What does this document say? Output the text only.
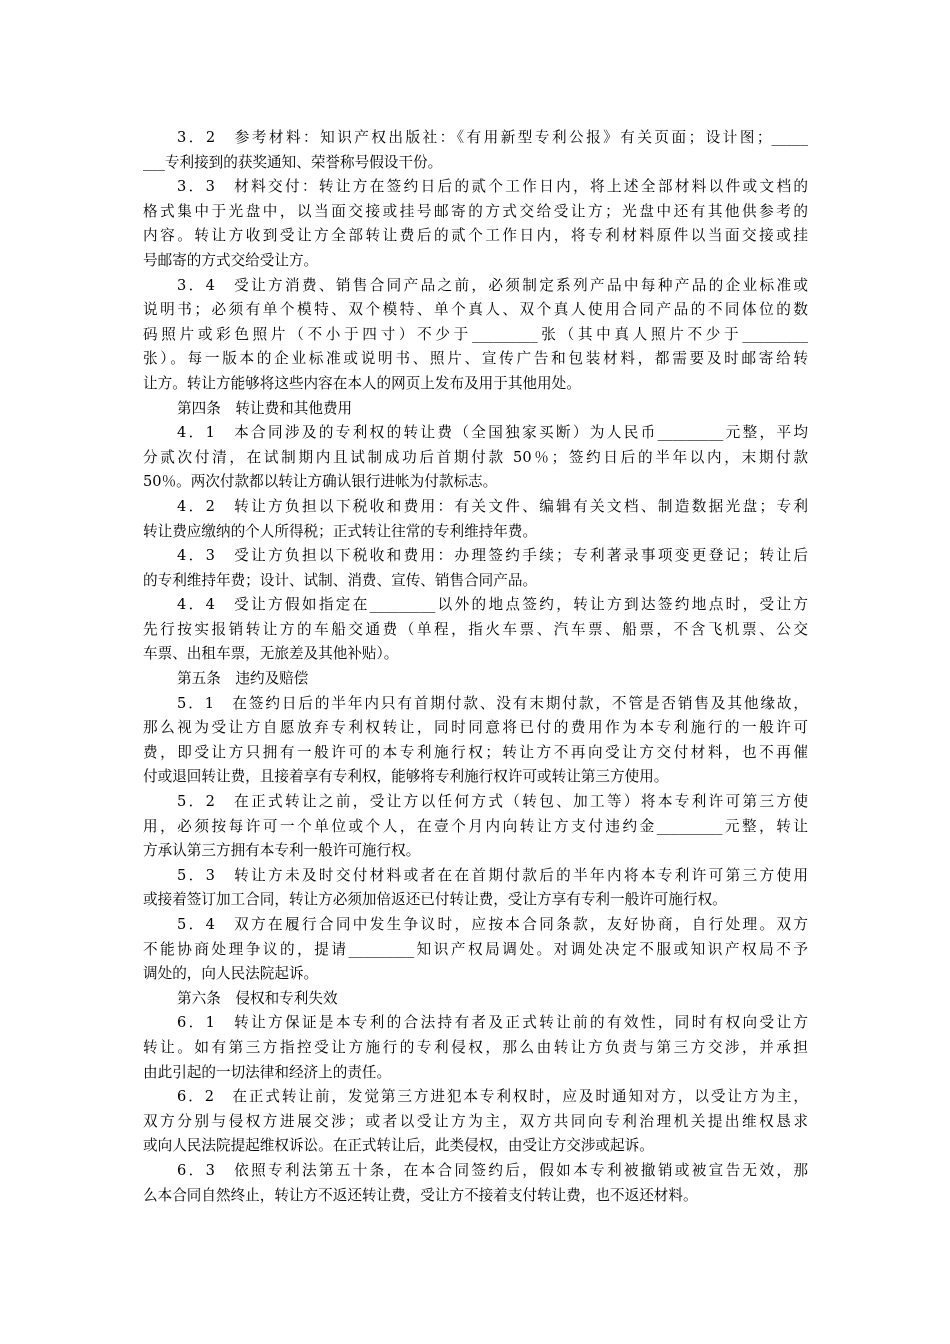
3．2　参考材料：知识产权出版社：《有用新型专利公报》有关页面；设计图；_____
___专利接到的获奖通知、荣誉称号假设干份。
3．3　材料交付：转让方在签约日后的贰个工作日内，将上述全部材料以件或文档的
格式集中于光盘中，以当面交接或挂号邮寄的方式交给受让方；光盘中还有其他供参考的
内容。转让方收到受让方全部转让费后的贰个工作日内，将专利材料原件以当面交接或挂
号邮寄的方式交给受让方。
3．4　受让方消费、销售合同产品之前，必须制定系列产品中每种产品的企业标准或
说明书；必须有单个模特、双个模特、单个真人、双个真人使用合同产品的不同体位的数
码照片或彩色照片（不小于四寸）不少于_________张（其中真人照片不少于_________
张）。每一版本的企业标准或说明书、照片、宣传广告和包装材料，都需要及时邮寄给转
让方。转让方能够将这些内容在本人的网页上发布及用于其他用处。
第四条　转让费和其他费用
4．1　本合同涉及的专利权的转让费（全国独家买断）为人民币_________元整，平均
分贰次付清，在试制期内且试制成功后首期付款 50％；签约日后的半年以内，末期付款
50％。两次付款都以转让方确认银行进帐为付款标志。
4．2　转让方负担以下税收和费用：有关文件、编辑有关文档、制造数据光盘；专利
转让费应缴纳的个人所得税；正式转让往常的专利维持年费。
4．3　受让方负担以下税收和费用：办理签约手续；专利著录事项变更登记；转让后
的专利维持年费；设计、试制、消费、宣传、销售合同产品。
4．4　受让方假如指定在_________以外的地点签约，转让方到达签约地点时，受让方
先行按实报销转让方的车船交通费（单程，指火车票、汽车票、船票，不含飞机票、公交
车票、出租车票，无旅差及其他补贴）。
第五条　违约及赔偿
5．1　在签约日后的半年内只有首期付款、没有末期付款，不管是否销售及其他缘故，
那么视为受让方自愿放弃专利权转让，同时同意将已付的费用作为本专利施行的一般许可
费，即受让方只拥有一般许可的本专利施行权；转让方不再向受让方交付材料，也不再催
付或退回转让费，且接着享有专利权，能够将专利施行权许可或转让第三方使用。
5．2　在正式转让之前，受让方以任何方式（转包、加工等）将本专利许可第三方使
用，必须按每许可一个单位或个人，在壹个月内向转让方支付违约金_________元整，转让
方承认第三方拥有本专利一般许可施行权。
5．3　转让方未及时交付材料或者在在首期付款后的半年内将本专利许可第三方使用
或接着签订加工合同，转让方必须加倍返还已付转让费，受让方享有专利一般许可施行权。
5．4　双方在履行合同中发生争议时，应按本合同条款，友好协商，自行处理。双方
不能协商处理争议的，提请_________知识产权局调处。对调处决定不服或知识产权局不予
调处的，向人民法院起诉。
第六条　侵权和专利失效
6．1　转让方保证是本专利的合法持有者及正式转让前的有效性，同时有权向受让方
转让。如有第三方指控受让方施行的专利侵权，那么由转让方负责与第三方交涉，并承担
由此引起的一切法律和经济上的责任。
6．2　在正式转让前，发觉第三方进犯本专利权时，应及时通知对方，以受让方为主，
双方分别与侵权方进展交涉；或者以受让方为主，双方共同向专利治理机关提出维权恳求
或向人民法院提起维权诉讼。在正式转让后，此类侵权，由受让方交涉或起诉。
6．3　依照专利法第五十条，在本合同签约后，假如本专利被撤销或被宣告无效，那
么本合同自然终止，转让方不返还转让费，受让方不接着支付转让费，也不返还材料。
